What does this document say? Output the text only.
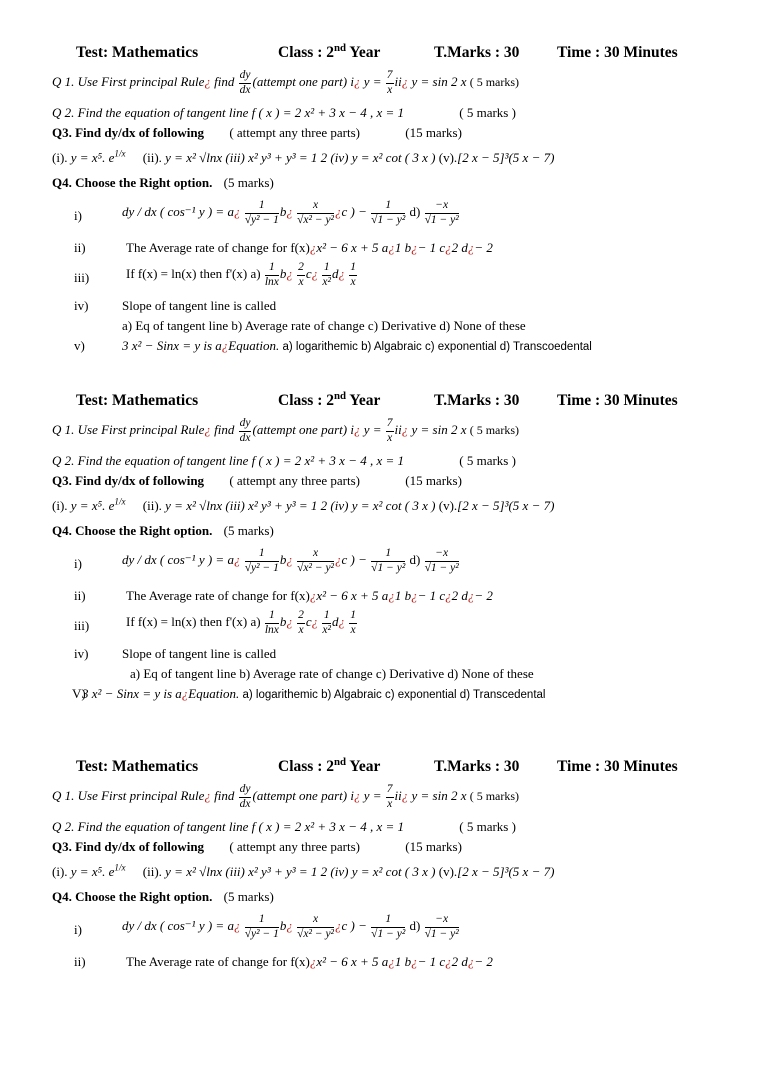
Test: Mathematics	Class : 2nd Year	T.Marks : 30 Time : 30 Minutes
Q 1. Use First principal Rule¿ find $\frac{dy}{dx}$ (attempt one part) i¿ $y = \frac{7}{x}$ ii¿ y = sin 2 x ( 5 marks)
Q 2. Find the equation of tangent line f ( x ) = 2 x² + 3 x − 4 , x = 1	( 5 marks )
Q3. Find dy/dx of following ( attempt any three parts)	(15 marks)
(i). y = x⁵. $e^{1/x}$ (ii). y = x² √lnx (iii) x² y³ + y³ = 1 2 (iv) y = x² cot ( 3 x ) (v).[2 x − 5]³(5 x − 7)
Q4. Choose the Right option. (5 marks)
i)	dy / dx ( cos⁻¹ y ) = a¿ $\frac{1}{\text{√y² − 1}}$ b¿ $\frac{x}{\text{√x² − y²}}$ ¿c ) − $\frac{1}{\text{√1 − y²}} d) \frac{-x}{\text{√1 − y²}}$
ii)	The Average rate of change for f(x)¿x² − 6 x + 5 a¿1 b¿− 1 c¿2 d¿− 2
iii)	If f(x) = ln(x) then f'(x) $a) \frac{1}{\ln x}$ b¿ $\frac{2}{x}$ c¿ $\frac{1}{\text{x²}}$ d¿ $\frac{1}{x}$
iv)	Slope of tangent line is called
a) Eq of tangent line b) Average rate of change c) Derivative d) None of these
v)	3 x² − Sinx = y is a¿Equation. a) logarithemic b) Algabraic c) exponential d) Transcoedental
Test: Mathematics	Class : 2nd Year	T.Marks : 30 Time : 30 Minutes
Q 1. Use First principal Rule¿ find $\frac{dy}{dx}$ (attempt one part) i¿ $y = \frac{7}{x}$ ii¿ y = sin 2 x ( 5 marks)
Q 2. Find the equation of tangent line f ( x ) = 2 x² + 3 x − 4 , x = 1	( 5 marks )
Q3. Find dy/dx of following ( attempt any three parts)	(15 marks)
(i). y = x⁵. $e^{1/x}$ (ii). y = x² √lnx (iii) x² y³ + y³ = 1 2 (iv) y = x² cot ( 3 x ) (v).[2 x − 5]³(5 x − 7)
Q4. Choose the Right option. (5 marks)
i)	dy / dx ( cos⁻¹ y ) = a¿ $\frac{1}{\text{√y² − 1}}$ b¿ $\frac{x}{\text{√x² − y²}}$ ¿c ) − $\frac{1}{\text{√1 − y²}} d) \frac{-x}{\text{√1 − y²}}$
ii)	The Average rate of change for f(x)¿x² − 6 x + 5 a¿1 b¿− 1 c¿2 d¿− 2
iii)	If f(x) = ln(x) then f'(x) $a) \frac{1}{\ln x}$ b¿ $\frac{2}{x}$ c¿ $\frac{1}{\text{x²}}$ d¿ $\frac{1}{x}$
iv)	Slope of tangent line is called
a) Eq of tangent line b) Average rate of change c) Derivative d) None of these
V)
3 x² − Sinx = y is a¿Equation. a) logarithemic b) Algabraic c) exponential d) Transcedental
Test: Mathematics	Class : 2nd Year	T.Marks : 30 Time : 30 Minutes
Q 1. Use First principal Rule¿ find $\frac{dy}{dx}$ (attempt one part) i¿ $y = \frac{7}{x}$ ii¿ y = sin 2 x ( 5 marks)
Q 2. Find the equation of tangent line f ( x ) = 2 x² + 3 x − 4 , x = 1	( 5 marks )
Q3. Find dy/dx of following ( attempt any three parts)	(15 marks)
(i). y = x⁵. $e^{1/x}$ (ii). y = x² √lnx (iii) x² y³ + y³ = 1 2 (iv) y = x² cot ( 3 x ) (v).[2 x − 5]³(5 x − 7)
Q4. Choose the Right option. (5 marks)
i)	dy / dx ( cos⁻¹ y ) = a¿ $\frac{1}{\text{√y² − 1}}$ b¿ $\frac{x}{\text{√x² − y²}}$ ¿c ) − $\frac{1}{\text{√1 − y²}} d) \frac{-x}{\text{√1 − y²}}$
ii)	The Average rate of change for f(x)¿x² − 6 x + 5 a¿1 b¿− 1 c¿2 d¿− 2
